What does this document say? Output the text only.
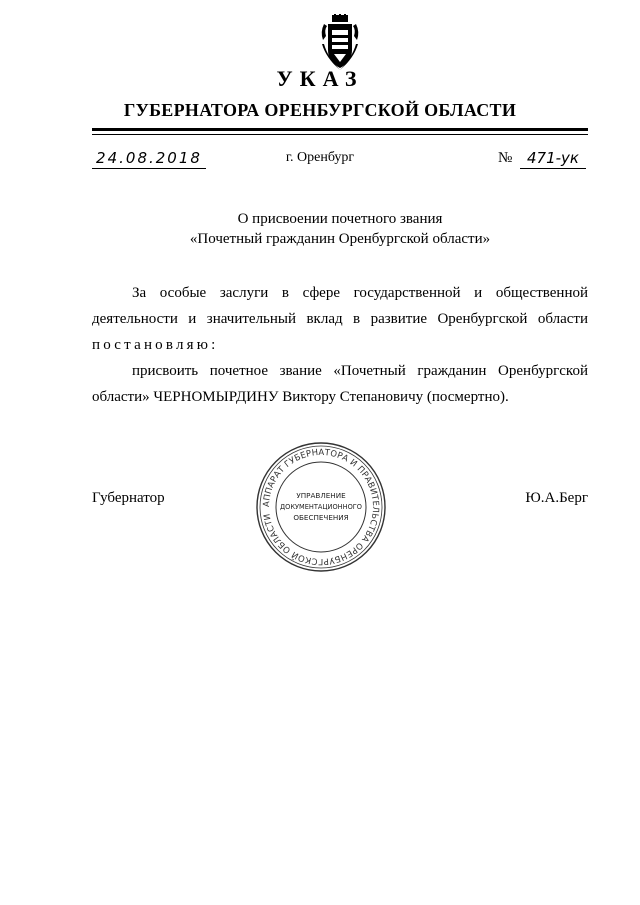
УКАЗ
ГУБЕРНАТОРА ОРЕНБУРГСКОЙ ОБЛАСТИ
24.08.2018	г. Оренбург	№ 471-ук
О присвоении почетного звания
«Почетный гражданин Оренбургской области»
За особые заслуги в сфере государственной и общественной
деятельности и значительный вклад в развитие Оренбургской области
постановляю:
присвоить почетное звание «Почетный гражданин Оренбургской
области» ЧЕРНОМЫРДИНУ Виктору Степановичу (посмертно).
Губернатор	Ю.А.Берг
АППАРАТ ГУБЕРНАТОРА И ПРАВИТЕЛЬСТВА ОРЕНБУРГСКОЙ ОБЛАСТИ
УПРАВЛЕНИЕ
ДОКУМЕНТАЦИОННОГО
ОБЕСПЕЧЕНИЯ
